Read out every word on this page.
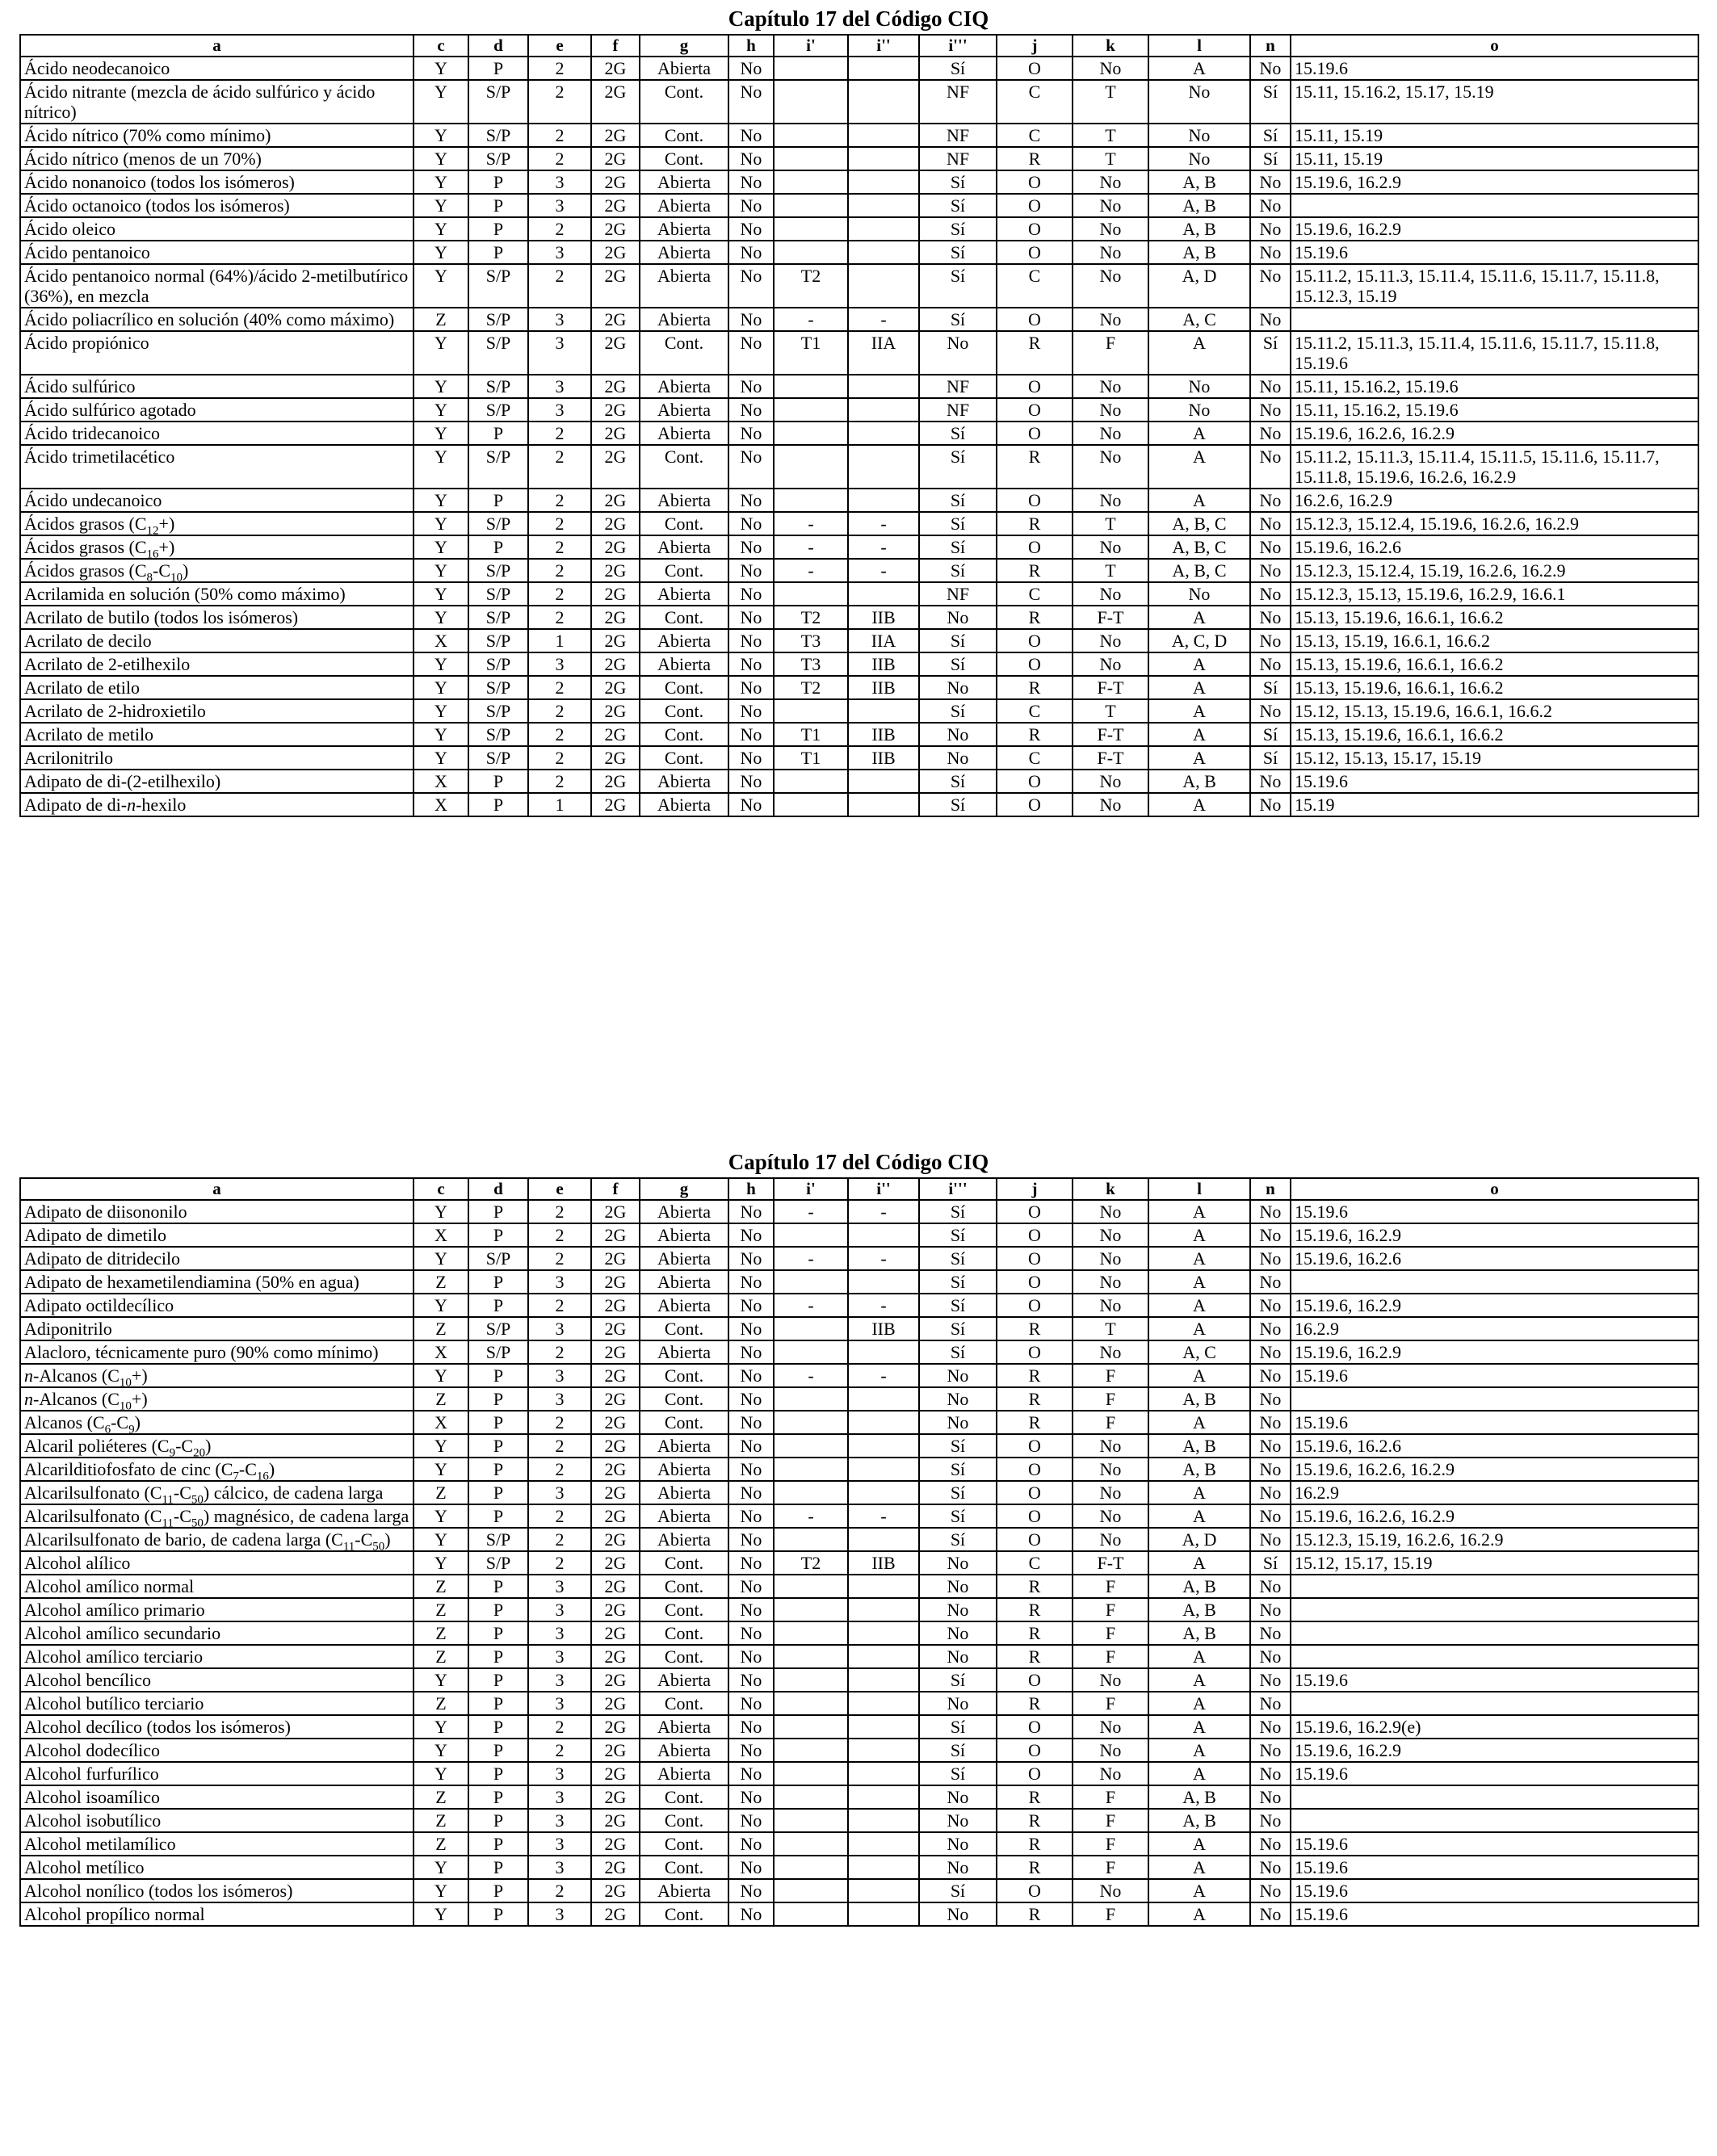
Capítulo 17 del Código CIQ
a	c	d	e	f	g	h	i'	i''	i'''	j	k	l	n	o
Ácido neodecanoico	Y	P	2	2G	Abierta	No			Sí	O	No	A	No	15.19.6
Ácido nitrante (mezcla de ácido sulfúrico y ácido nítrico)	Y	S/P	2	2G	Cont.	No			NF	C	T	No	Sí	15.11, 15.16.2, 15.17, 15.19
Ácido nítrico (70% como mínimo)	Y	S/P	2	2G	Cont.	No			NF	C	T	No	Sí	15.11, 15.19
Ácido nítrico (menos de un 70%)	Y	S/P	2	2G	Cont.	No			NF	R	T	No	Sí	15.11, 15.19
Ácido nonanoico (todos los isómeros)	Y	P	3	2G	Abierta	No			Sí	O	No	A, B	No	15.19.6, 16.2.9
Ácido octanoico (todos los isómeros)	Y	P	3	2G	Abierta	No			Sí	O	No	A, B	No	
Ácido oleico	Y	P	2	2G	Abierta	No			Sí	O	No	A, B	No	15.19.6, 16.2.9
Ácido pentanoico	Y	P	3	2G	Abierta	No			Sí	O	No	A, B	No	15.19.6
Ácido pentanoico normal (64%)/ácido 2-metilbutírico (36%), en mezcla	Y	S/P	2	2G	Abierta	No	T2		Sí	C	No	A, D	No	15.11.2, 15.11.3, 15.11.4, 15.11.6, 15.11.7, 15.11.8, 15.12.3, 15.19
Ácido poliacrílico en solución (40% como máximo)	Z	S/P	3	2G	Abierta	No	-	-	Sí	O	No	A, C	No	
Ácido propiónico	Y	S/P	3	2G	Cont.	No	T1	IIA	No	R	F	A	Sí	15.11.2, 15.11.3, 15.11.4, 15.11.6, 15.11.7, 15.11.8, 15.19.6
Ácido sulfúrico	Y	S/P	3	2G	Abierta	No			NF	O	No	No	No	15.11, 15.16.2, 15.19.6
Ácido sulfúrico agotado	Y	S/P	3	2G	Abierta	No			NF	O	No	No	No	15.11, 15.16.2, 15.19.6
Ácido tridecanoico	Y	P	2	2G	Abierta	No			Sí	O	No	A	No	15.19.6, 16.2.6, 16.2.9
Ácido trimetilacético	Y	S/P	2	2G	Cont.	No			Sí	R	No	A	No	15.11.2, 15.11.3, 15.11.4, 15.11.5, 15.11.6, 15.11.7, 15.11.8, 15.19.6, 16.2.6, 16.2.9
Ácido undecanoico	Y	P	2	2G	Abierta	No			Sí	O	No	A	No	16.2.6, 16.2.9
Ácidos grasos $(C_{12}+)$	Y	S/P	2	2G	Cont.	No	-	-	Sí	R	T	A, B, C	No	15.12.3, 15.12.4, 15.19.6, 16.2.6, 16.2.9
Ácidos grasos $(C_{16}+)$	Y	P	2	2G	Abierta	No	-	-	Sí	O	No	A, B, C	No	15.19.6, 16.2.6
Ácidos grasos $(C_8-C_{10})$	Y	S/P	2	2G	Cont.	No	-	-	Sí	R	T	A, B, C	No	15.12.3, 15.12.4, 15.19, 16.2.6, 16.2.9
Acrilamida en solución (50% como máximo)	Y	S/P	2	2G	Abierta	No			NF	C	No	No	No	15.12.3, 15.13, 15.19.6, 16.2.9, 16.6.1
Acrilato de butilo (todos los isómeros)	Y	S/P	2	2G	Cont.	No	T2	IIB	No	R	F-T	A	No	15.13, 15.19.6, 16.6.1, 16.6.2
Acrilato de decilo	X	S/P	1	2G	Abierta	No	T3	IIA	Sí	O	No	A, C, D	No	15.13, 15.19, 16.6.1, 16.6.2
Acrilato de 2-etilhexilo	Y	S/P	3	2G	Abierta	No	T3	IIB	Sí	O	No	A	No	15.13, 15.19.6, 16.6.1, 16.6.2
Acrilato de etilo	Y	S/P	2	2G	Cont.	No	T2	IIB	No	R	F-T	A	Sí	15.13, 15.19.6, 16.6.1, 16.6.2
Acrilato de 2-hidroxietilo	Y	S/P	2	2G	Cont.	No			Sí	C	T	A	No	15.12, 15.13, 15.19.6, 16.6.1, 16.6.2
Acrilato de metilo	Y	S/P	2	2G	Cont.	No	T1	IIB	No	R	F-T	A	Sí	15.13, 15.19.6, 16.6.1, 16.6.2
Acrilonitrilo	Y	S/P	2	2G	Cont.	No	T1	IIB	No	C	F-T	A	Sí	15.12, 15.13, 15.17, 15.19
Adipato de di-(2-etilhexilo)	X	P	2	2G	Abierta	No			Sí	O	No	A, B	No	15.19.6
Adipato de di-n-hexilo	X	P	1	2G	Abierta	No			Sí	O	No	A	No	15.19
Capítulo 17 del Código CIQ
a	c	d	e	f	g	h	i'	i''	i'''	j	k	l	n	o
Adipato de diisononilo	Y	P	2	2G	Abierta	No	-	-	Sí	O	No	A	No	15.19.6
Adipato de dimetilo	X	P	2	2G	Abierta	No			Sí	O	No	A	No	15.19.6, 16.2.9
Adipato de ditridecilo	Y	S/P	2	2G	Abierta	No	-	-	Sí	O	No	A	No	15.19.6, 16.2.6
Adipato de hexametilendiamina (50% en agua)	Z	P	3	2G	Abierta	No			Sí	O	No	A	No	
Adipato octildecílico	Y	P	2	2G	Abierta	No	-	-	Sí	O	No	A	No	15.19.6, 16.2.9
Adiponitrilo	Z	S/P	3	2G	Cont.	No		IIB	Sí	R	T	A	No	16.2.9
Alacloro, técnicamente puro (90% como mínimo)	X	S/P	2	2G	Abierta	No			Sí	O	No	A, C	No	15.19.6, 16.2.9
n-Alcanos $(C_{10}+)$	Y	P	3	2G	Cont.	No	-	-	No	R	F	A	No	15.19.6
n-Alcanos $(C_{10}+)$	Z	P	3	2G	Cont.	No			No	R	F	A, B	No	
Alcanos $(C_6-C_9)$	X	P	2	2G	Cont.	No			No	R	F	A	No	15.19.6
Alcaril poliéteres $(C_9-C_{20})$	Y	P	2	2G	Abierta	No			Sí	O	No	A, B	No	15.19.6, 16.2.6
Alcarilditiofosfato de cinc $(C_7-C_{16})$	Y	P	2	2G	Abierta	No			Sí	O	No	A, B	No	15.19.6, 16.2.6, 16.2.9
Alcarilsulfonato $(C_{11}-C_{50})$ cálcico, de cadena larga	Z	P	3	2G	Abierta	No			Sí	O	No	A	No	16.2.9
Alcarilsulfonato $(C_{11}-C_{50})$ magnésico, de cadena larga	Y	P	2	2G	Abierta	No	-	-	Sí	O	No	A	No	15.19.6, 16.2.6, 16.2.9
Alcarilsulfonato de bario, de cadena larga $(C_{11}-C_{50})$	Y	S/P	2	2G	Abierta	No			Sí	O	No	A, D	No	15.12.3, 15.19, 16.2.6, 16.2.9
Alcohol alílico	Y	S/P	2	2G	Cont.	No	T2	IIB	No	C	F-T	A	Sí	15.12, 15.17, 15.19
Alcohol amílico normal	Z	P	3	2G	Cont.	No			No	R	F	A, B	No	
Alcohol amílico primario	Z	P	3	2G	Cont.	No			No	R	F	A, B	No	
Alcohol amílico secundario	Z	P	3	2G	Cont.	No			No	R	F	A, B	No	
Alcohol amílico terciario	Z	P	3	2G	Cont.	No			No	R	F	A	No	
Alcohol bencílico	Y	P	3	2G	Abierta	No			Sí	O	No	A	No	15.19.6
Alcohol butílico terciario	Z	P	3	2G	Cont.	No			No	R	F	A	No	
Alcohol decílico (todos los isómeros)	Y	P	2	2G	Abierta	No			Sí	O	No	A	No	15.19.6, 16.2.9(e)
Alcohol dodecílico	Y	P	2	2G	Abierta	No			Sí	O	No	A	No	15.19.6, 16.2.9
Alcohol furfurílico	Y	P	3	2G	Abierta	No			Sí	O	No	A	No	15.19.6
Alcohol isoamílico	Z	P	3	2G	Cont.	No			No	R	F	A, B	No	
Alcohol isobutílico	Z	P	3	2G	Cont.	No			No	R	F	A, B	No	
Alcohol metilamílico	Z	P	3	2G	Cont.	No			No	R	F	A	No	15.19.6
Alcohol metílico	Y	P	3	2G	Cont.	No			No	R	F	A	No	15.19.6
Alcohol nonílico (todos los isómeros)	Y	P	2	2G	Abierta	No			Sí	O	No	A	No	15.19.6
Alcohol propílico normal	Y	P	3	2G	Cont.	No			No	R	F	A	No	15.19.6
